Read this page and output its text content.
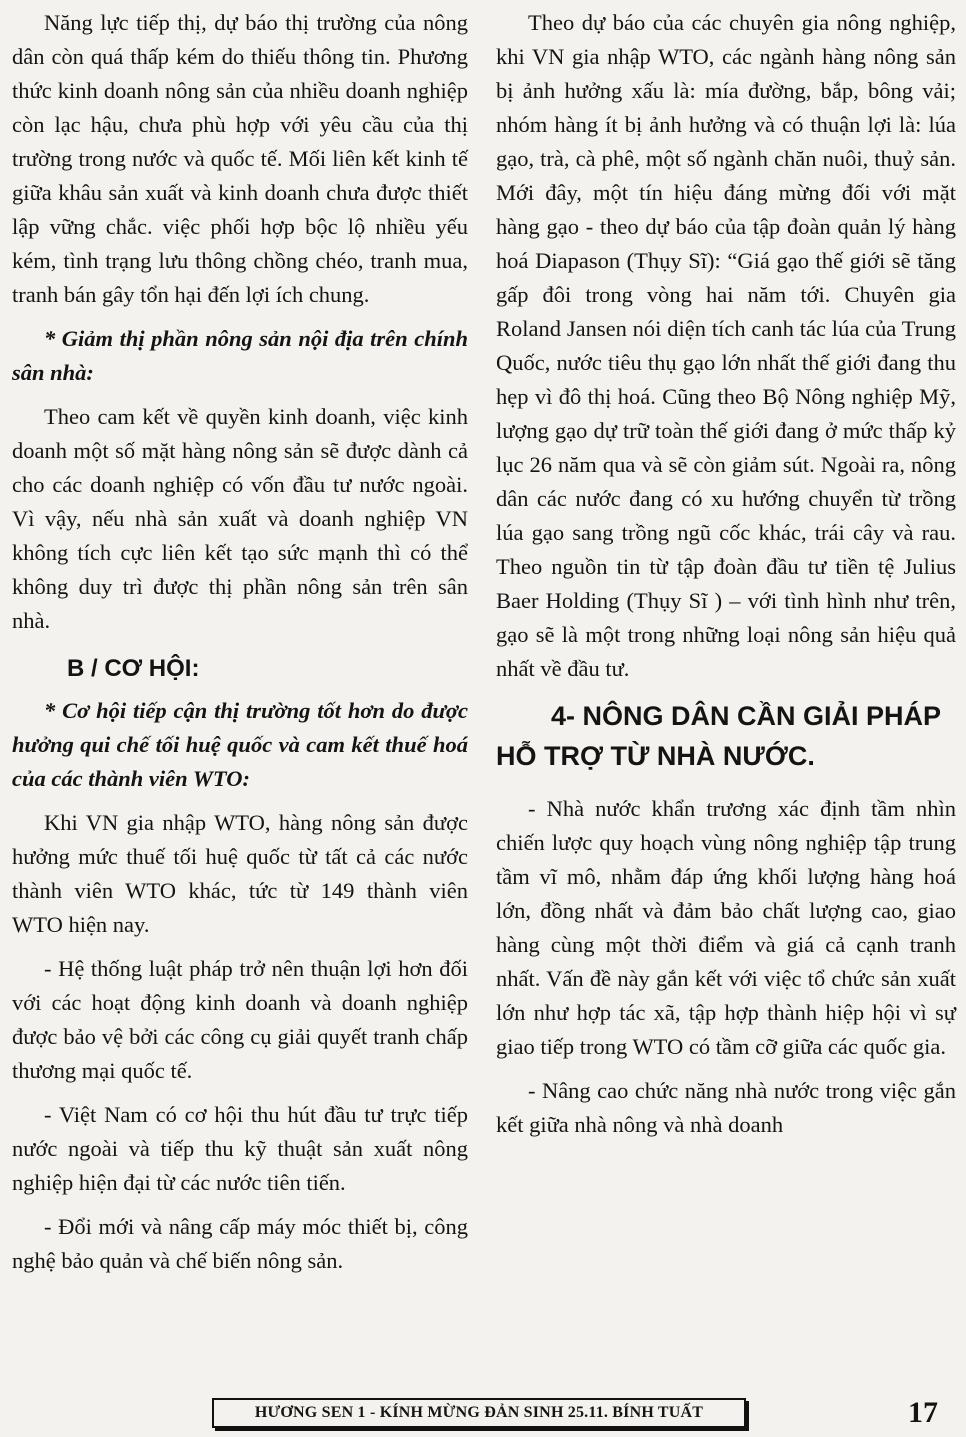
Năng lực tiếp thị, dự báo thị trường của nông dân còn quá thấp kém do thiếu thông tin. Phương thức kinh doanh nông sản của nhiều doanh nghiệp còn lạc hậu, chưa phù hợp với yêu cầu của thị trường trong nước và quốc tế. Mối liên kết kinh tế giữa khâu sản xuất và kinh doanh chưa được thiết lập vững chắc. việc phối hợp bộc lộ nhiều yếu kém, tình trạng lưu thông chồng chéo, tranh mua, tranh bán gây tổn hại đến lợi ích chung.

* Giảm thị phần nông sản nội địa trên chính sân nhà:

Theo cam kết về quyền kinh doanh, việc kinh doanh một số mặt hàng nông sản sẽ được dành cả cho các doanh nghiệp có vốn đầu tư nước ngoài. Vì vậy, nếu nhà sản xuất và doanh nghiệp VN không tích cực liên kết tạo sức mạnh thì có thể không duy trì được thị phần nông sản trên sân nhà.

B / CƠ HỘI:

* Cơ hội tiếp cận thị trường tốt hơn do được hưởng qui chế tối huệ quốc và cam kết thuế hoá của các thành viên WTO:

Khi VN gia nhập WTO, hàng nông sản được hưởng mức thuế tối huệ quốc từ tất cả các nước thành viên WTO khác, tức từ 149 thành viên WTO hiện nay.

- Hệ thống luật pháp trở nên thuận lợi hơn đối với các hoạt động kinh doanh và doanh nghiệp được bảo vệ bởi các công cụ giải quyết tranh chấp thương mại quốc tế.

- Việt Nam có cơ hội thu hút đầu tư trực tiếp nước ngoài và tiếp thu kỹ thuật sản xuất nông nghiệp hiện đại từ các nước tiên tiến.

- Đổi mới và nâng cấp máy móc thiết bị, công nghệ bảo quản và chế biến nông sản.

Theo dự báo của các chuyên gia nông nghiệp, khi VN gia nhập WTO, các ngành hàng nông sản bị ảnh hưởng xấu là: mía đường, bắp, bông vải; nhóm hàng ít bị ảnh hưởng và có thuận lợi là: lúa gạo, trà, cà phê, một số ngành chăn nuôi, thuỷ sản. Mới đây, một tín hiệu đáng mừng đối với mặt hàng gạo - theo dự báo của tập đoàn quản lý hàng hoá Diapason (Thụy Sĩ): “Giá gạo thế giới sẽ tăng gấp đôi trong vòng hai năm tới. Chuyên gia Roland Jansen nói diện tích canh tác lúa của Trung Quốc, nước tiêu thụ gạo lớn nhất thế giới đang thu hẹp vì đô thị hoá. Cũng theo Bộ Nông nghiệp Mỹ, lượng gạo dự trữ toàn thế giới đang ở mức thấp kỷ lục 26 năm qua và sẽ còn giảm sút. Ngoài ra, nông dân các nước đang có xu hướng chuyển từ trồng lúa gạo sang trồng ngũ cốc khác, trái cây và rau. Theo nguồn tin từ tập đoàn đầu tư tiền tệ Julius Baer Holding (Thụy Sĩ ) – với tình hình như trên, gạo sẽ là một trong những loại nông sản hiệu quả nhất về đầu tư.

4- NÔNG DÂN CẦN GIẢI PHÁP HỖ TRỢ TỪ NHÀ NƯỚC.

- Nhà nước khẩn trương xác định tầm nhìn chiến lược quy hoạch vùng nông nghiệp tập trung tầm vĩ mô, nhằm đáp ứng khối lượng hàng hoá lớn, đồng nhất và đảm bảo chất lượng cao, giao hàng cùng một thời điểm và giá cả cạnh tranh nhất. Vấn đề này gắn kết với việc tổ chức sản xuất lớn như hợp tác xã, tập hợp thành hiệp hội vì sự giao tiếp trong WTO có tầm cỡ giữa các quốc gia.

- Nâng cao chức năng nhà nước trong việc gắn kết giữa nhà nông và nhà doanh

HƯƠNG SEN 1 - KÍNH MỪNG ĐẢN SINH 25.11. BÍNH TUẤT	17
